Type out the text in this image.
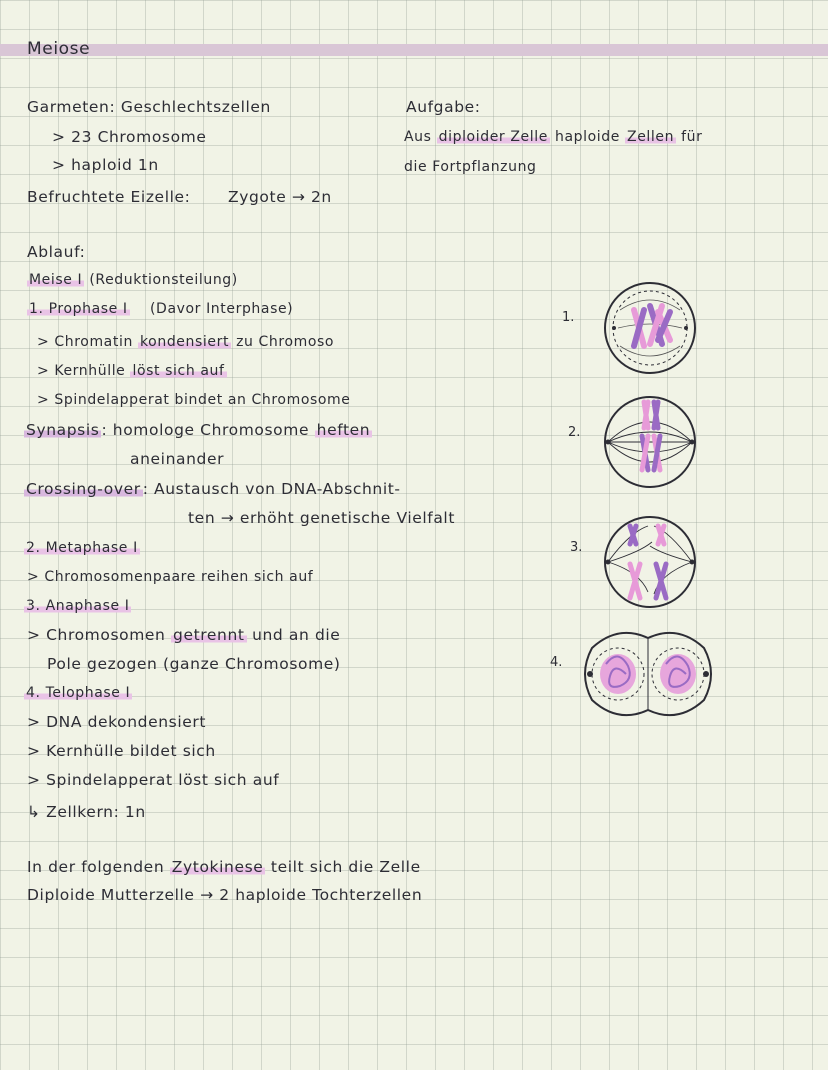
Meiose
Garmeten: Geschlechtszellen
> 23 Chromosome
> haploid 1n
Befruchtete Eizelle: Zygote → 2n
Aufgabe:
Aus diploider Zelle haploide Zellen für
die Fortpflanzung
Ablauf:
Meise I (Reduktionsteilung)
1. Prophase I (Davor Interphase)
> Chromatin kondensiert zu Chromoso
> Kernhülle löst sich auf
> Spindelapperat bindet an Chromosome
Synapsis : homologe Chromosome heften
aneinander
Crossing-over : Austausch von DNA-Abschnit-
ten → erhöht genetische Vielfalt
2. Metaphase I
> Chromosomenpaare reihen sich auf
3. Anaphase I
> Chromosomen getrennt und an die
Pole gezogen (ganze Chromosome)
4. Telophase I
> DNA dekondensiert
> Kernhülle bildet sich
> Spindelapperat löst sich auf
↳ Zellkern: 1n
In der folgenden Zytokinese teilt sich die Zelle
Diploide Mutterzelle → 2 haploide Tochterzellen
1.
2.
3.
4.
